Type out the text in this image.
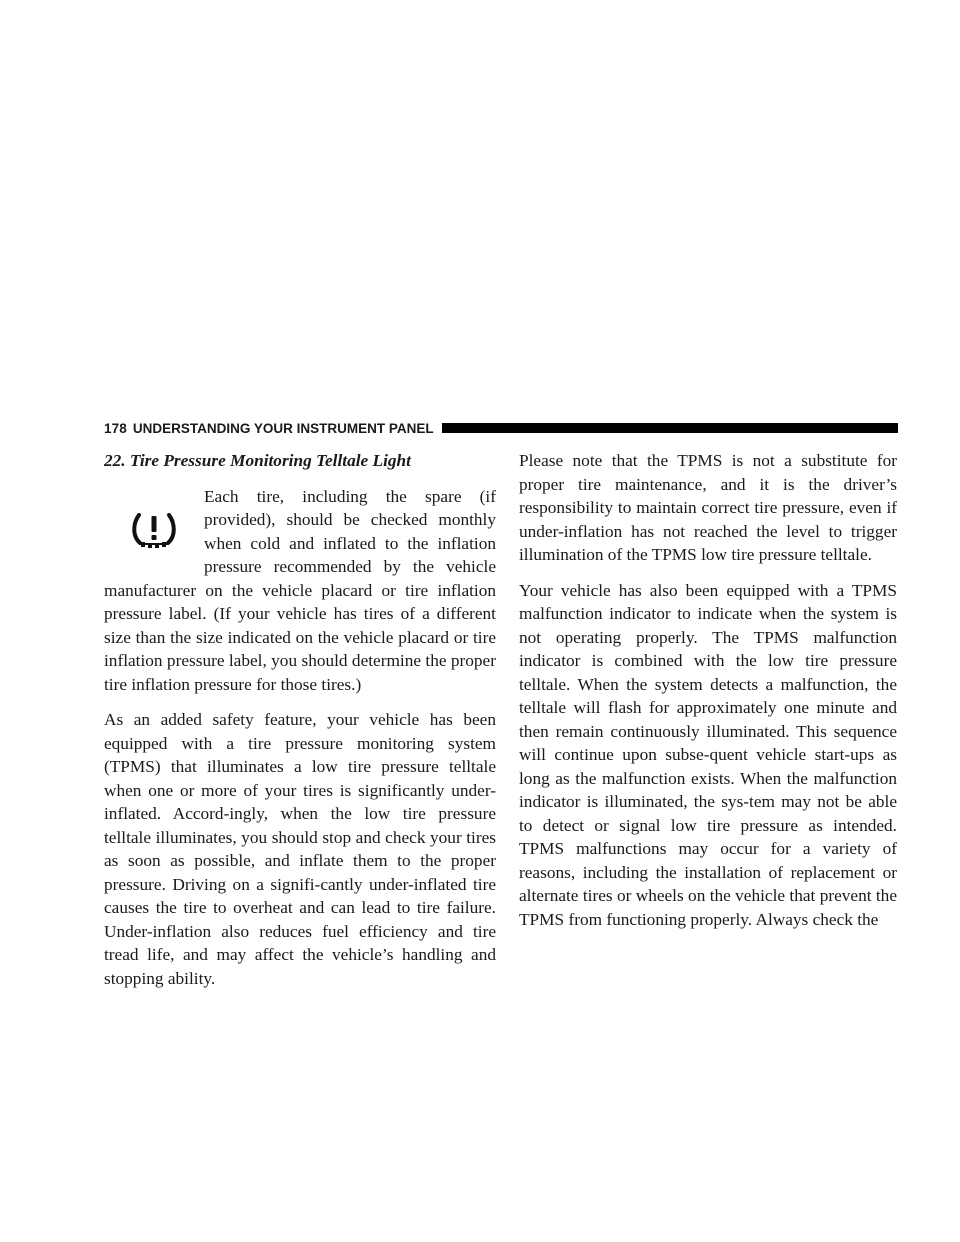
178 UNDERSTANDING YOUR INSTRUMENT PANEL

22. Tire Pressure Monitoring Telltale Light

Each tire, including the spare (if provided), should be checked monthly when cold and inflated to the inflation pressure recommended by the vehicle manufacturer on the vehicle placard or tire inflation pressure label. (If your vehicle has tires of a different size than the size indicated on the vehicle placard or tire inflation pressure label, you should determine the proper tire inflation pressure for those tires.)

As an added safety feature, your vehicle has been equipped with a tire pressure monitoring system (TPMS) that illuminates a low tire pressure telltale when one or more of your tires is significantly under-inflated. Accord-ingly, when the low tire pressure telltale illuminates, you should stop and check your tires as soon as possible, and inflate them to the proper pressure. Driving on a signifi-cantly under-inflated tire causes the tire to overheat and can lead to tire failure. Under-inflation also reduces fuel efficiency and tire tread life, and may affect the vehicle’s handling and stopping ability.

Please note that the TPMS is not a substitute for proper tire maintenance, and it is the driver’s responsibility to maintain correct tire pressure, even if under-inflation has not reached the level to trigger illumination of the TPMS low tire pressure telltale.

Your vehicle has also been equipped with a TPMS malfunction indicator to indicate when the system is not operating properly. The TPMS malfunction indicator is combined with the low tire pressure telltale. When the system detects a malfunction, the telltale will flash for approximately one minute and then remain continuously illuminated. This sequence will continue upon subse-quent vehicle start-ups as long as the malfunction exists. When the malfunction indicator is illuminated, the sys-tem may not be able to detect or signal low tire pressure as intended. TPMS malfunctions may occur for a variety of reasons, including the installation of replacement or alternate tires or wheels on the vehicle that prevent the TPMS from functioning properly. Always check the
